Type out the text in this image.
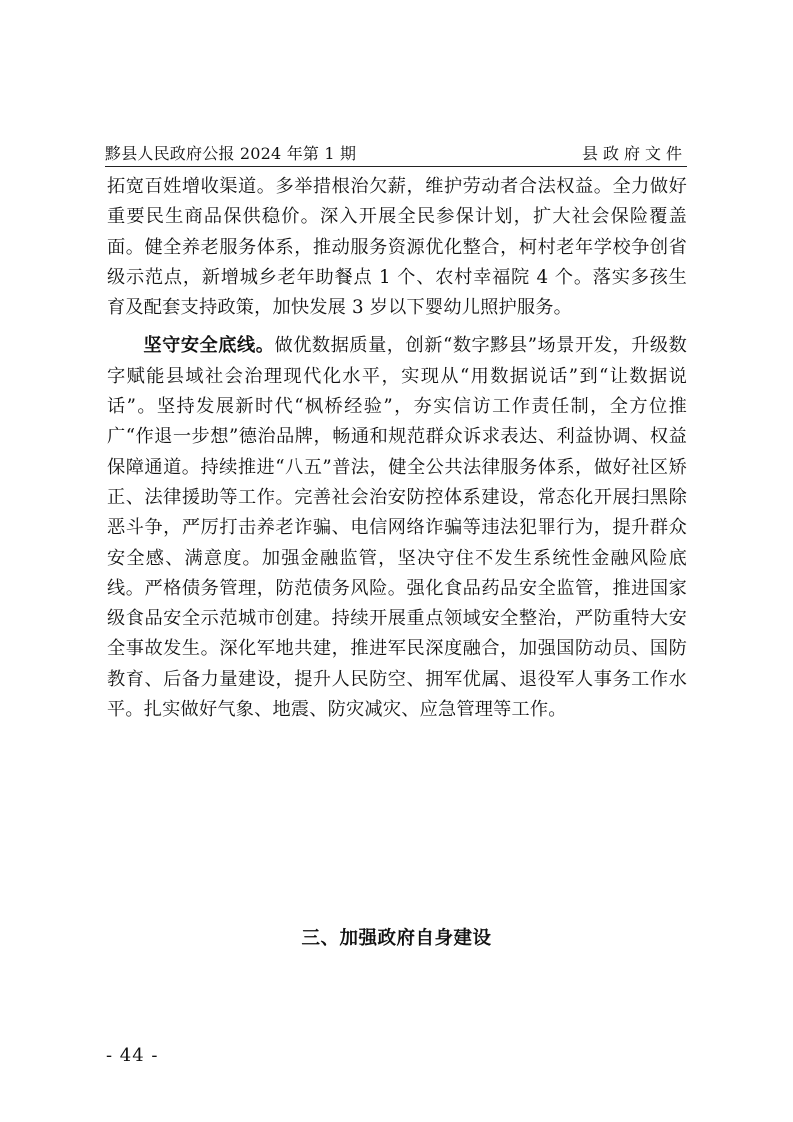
黟县人民政府公报 2024 年第 1 期	县政府文件

拓宽百姓增收渠道。多举措根治欠薪，维护劳动者合法权益。全力做好重要民生商品保供稳价。深入开展全民参保计划，扩大社会保险覆盖面。健全养老服务体系，推动服务资源优化整合，柯村老年学校争创省级示范点，新增城乡老年助餐点 1 个、农村幸福院 4 个。落实多孩生育及配套支持政策，加快发展 3 岁以下婴幼儿照护服务。

坚守安全底线。做优数据质量，创新“数字黟县”场景开发，升级数字赋能县域社会治理现代化水平，实现从“用数据说话”到“让数据说话”。坚持发展新时代“枫桥经验”，夯实信访工作责任制，全方位推广“作退一步想”德治品牌，畅通和规范群众诉求表达、利益协调、权益保障通道。持续推进“八五”普法，健全公共法律服务体系，做好社区矫正、法律援助等工作。完善社会治安防控体系建设，常态化开展扫黑除恶斗争，严厉打击养老诈骗、电信网络诈骗等违法犯罪行为，提升群众安全感、满意度。加强金融监管，坚决守住不发生系统性金融风险底线。严格债务管理，防范债务风险。强化食品药品安全监管，推进国家级食品安全示范城市创建。持续开展重点领域安全整治，严防重特大安全事故发生。深化军地共建，推进军民深度融合，加强国防动员、国防教育、后备力量建设，提升人民防空、拥军优属、退役军人事务工作水平。扎实做好气象、地震、防灾减灾、应急管理等工作。

三、加强政府自身建设
- 44 -
